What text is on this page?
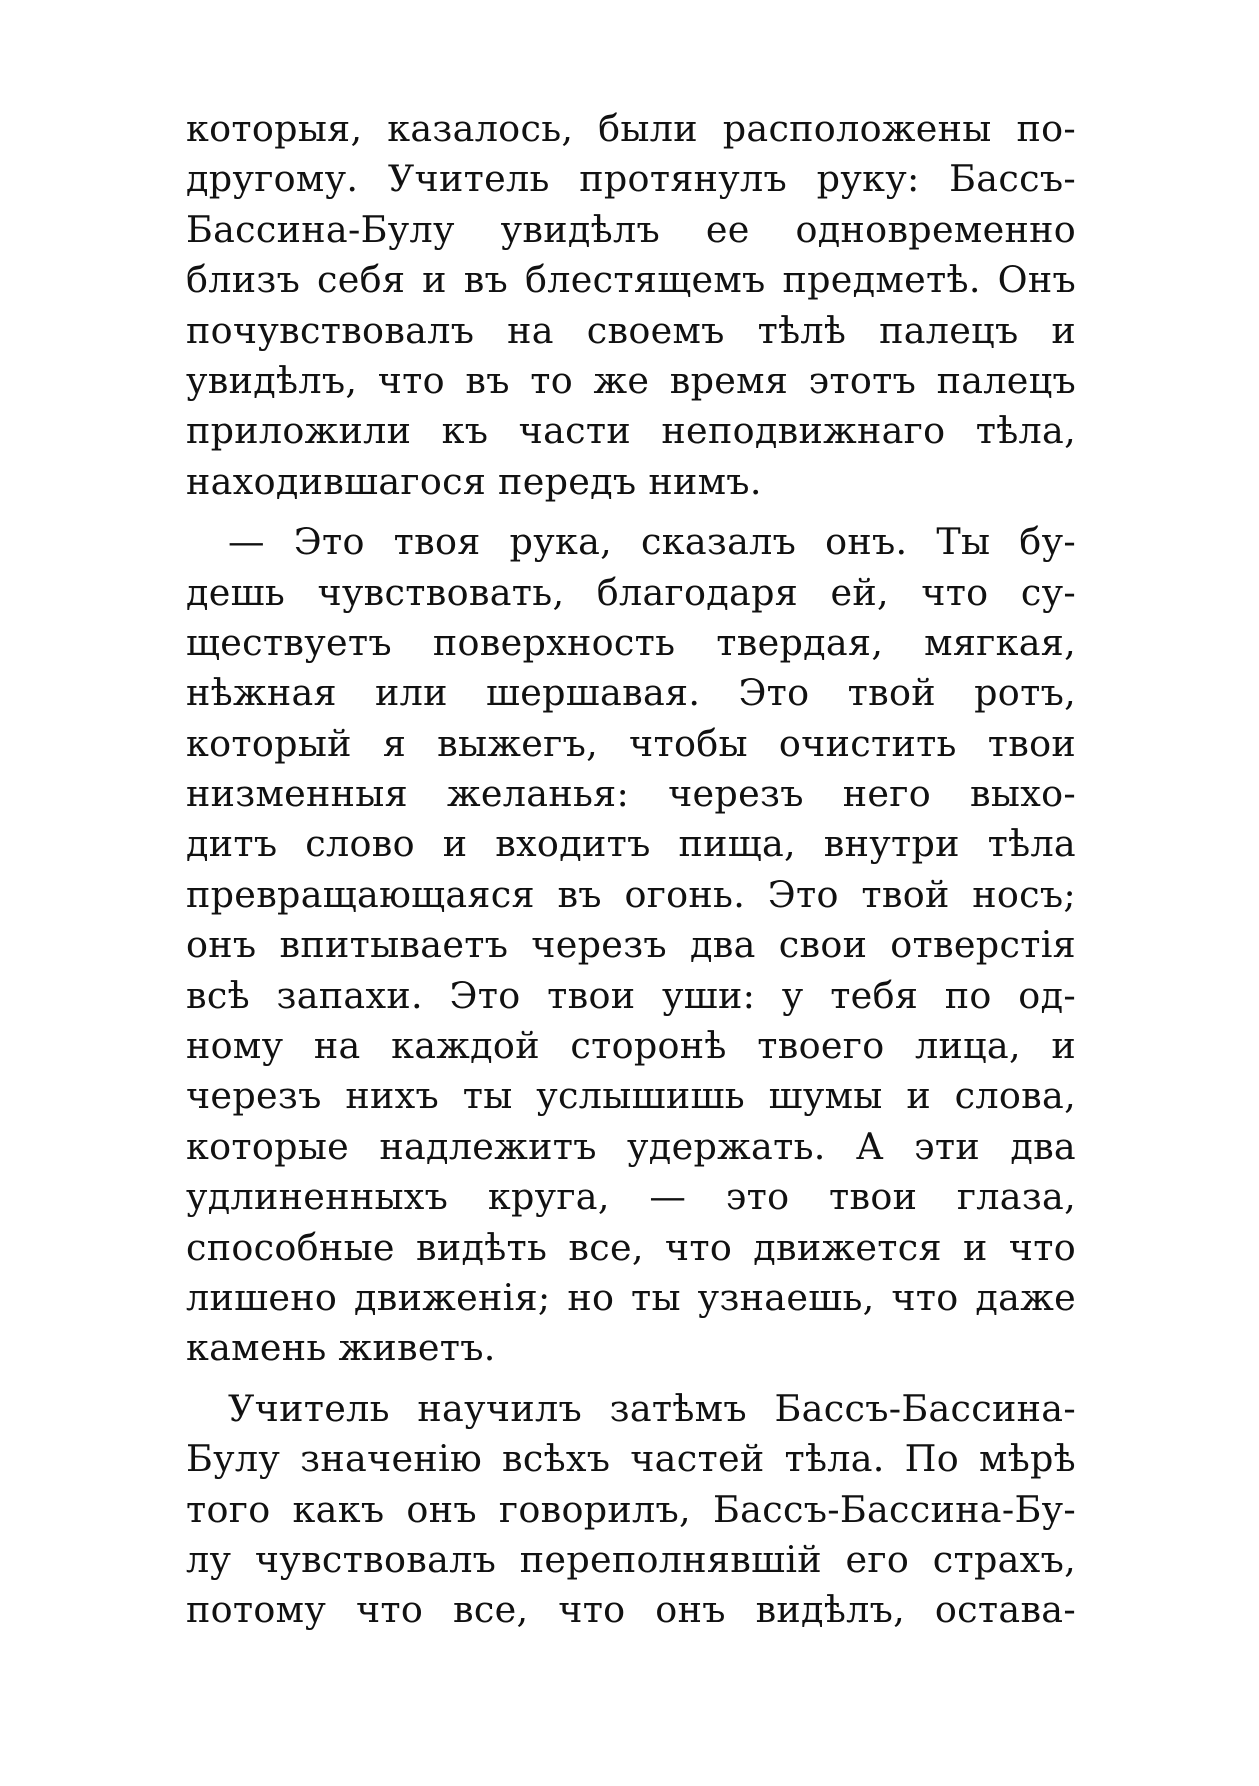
которыя, казалось, были расположены по-
другому. Учитель протянулъ руку: Бассъ-
Бассина-Булу увидѣлъ ее одновременно
близъ себя и въ блестящемъ предметѣ. Онъ
почувствовалъ на своемъ тѣлѣ палецъ и
увидѣлъ, что въ то же время этотъ палецъ
приложили къ части неподвижнаго тѣла,
находившагося передъ нимъ.
— Это твоя рука, сказалъ онъ. Ты бу-
дешь чувствовать, благодаря ей, что су-
ществуетъ поверхность твердая, мягкая,
нѣжная или шершавая. Это твой ротъ,
который я выжегъ, чтобы очистить твои
низменныя желанья: черезъ него выхо-
дитъ слово и входитъ пища, внутри тѣла
превращающаяся въ огонь. Это твой носъ;
онъ впитываетъ черезъ два свои отверстія
всѣ запахи. Это твои уши: у тебя по од-
ному на каждой сторонѣ твоего лица, и
черезъ нихъ ты услышишь шумы и слова,
которые надлежитъ удержать. А эти два
удлиненныхъ круга, — это твои глаза,
способные видѣть все, что движется и что
лишено движенія; но ты узнаешь, что даже
камень живетъ.
Учитель научилъ затѣмъ Бассъ-Бассина-
Булу значенію всѣхъ частей тѣла. По мѣрѣ
того какъ онъ говорилъ, Бассъ-Бассина-Бу-
лу чувствовалъ переполнявшій его страхъ,
потому что все, что онъ видѣлъ, остава-
